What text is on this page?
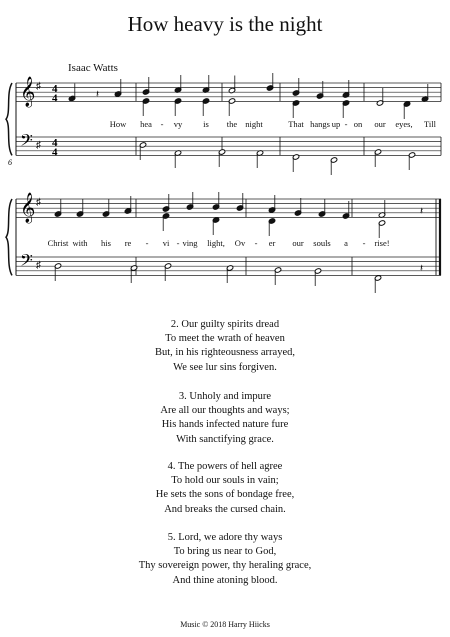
How heavy is the night
Isaac Watts
6
𝄞
𝄢
♯
♯
4
4
4
4
𝄽
𝄞
𝄢
♯
♯
𝄽
𝄽
How hea - vy is the night	That hangs up - on our eyes, Till
Christ with his re - vi - ving light, Ov - er our souls a - rise!
2. Our guilty spirits dread
To meet the wrath of heaven
But, in his righteousness arrayed,
We see lur sins forgiven.
3. Unholy and impure
Are all our thoughts and ways;
His hands infected nature fure
With sanctifying grace.
4. The powers of hell agree
To hold our souls in vain;
He sets the sons of bondage free,
And breaks the cursed chain.
5. Lord, we adore thy ways
To bring us near to God,
Thy sovereign power, thy heraling grace,
And thine atoning blood.
Music © 2018 Harry Hiicks
